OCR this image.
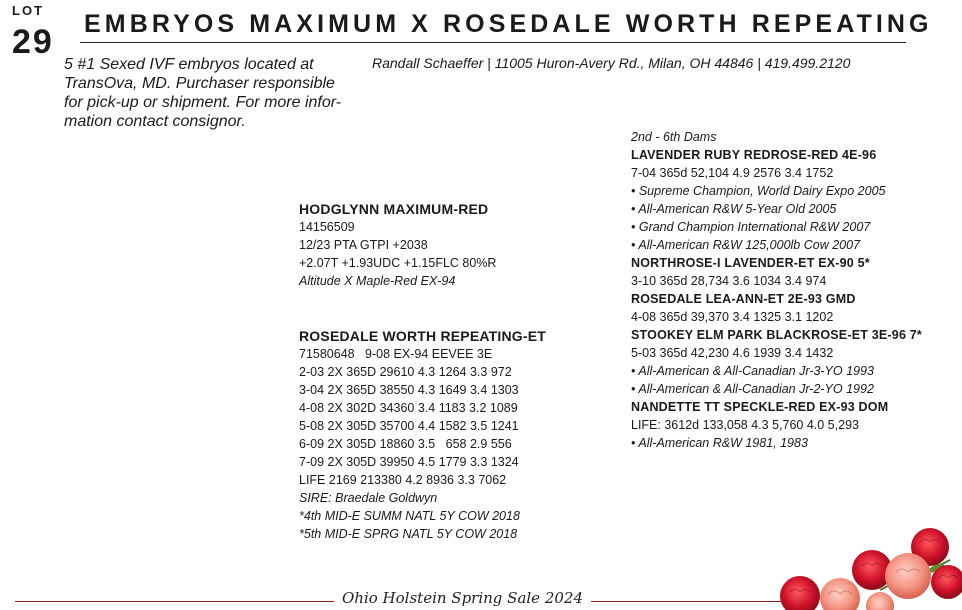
LOT
29 EMBRYOS MAXIMUM X ROSEDALE WORTH REPEATING
5 #1 Sexed IVF embryos located at
TransOva, MD. Purchaser responsible
for pick-up or shipment. For more infor-
mation contact consignor.
Randall Schaeffer | 11005 Huron-Avery Rd., Milan, OH 44846 | 419.499.2120
HODGLYNN MAXIMUM-RED
14156509
12/23 PTA GTPI +2038
+2.07T +1.93UDC +1.15FLC 80%R
Altitude X Maple-Red EX-94
ROSEDALE WORTH REPEATING-ET
71580648   9-08 EX-94 EEVEE 3E
2-03 2X 365D 29610 4.3 1264 3.3 972
3-04 2X 365D 38550 4.3 1649 3.4 1303
4-08 2X 302D 34360 3.4 1183 3.2 1089
5-08 2X 305D 35700 4.4 1582 3.5 1241
6-09 2X 305D 18860 3.5   658 2.9 556
7-09 2X 305D 39950 4.5 1779 3.3 1324
LIFE 2169 213380 4.2 8936 3.3 7062
SIRE: Braedale Goldwyn
*4th MID-E SUMM NATL 5Y COW 2018
*5th MID-E SPRG NATL 5Y COW 2018
2nd - 6th Dams
LAVENDER RUBY REDROSE-RED 4E-96
7-04 365d 52,104 4.9 2576 3.4 1752
• Supreme Champion, World Dairy Expo 2005
• All-American R&W 5-Year Old 2005
• Grand Champion International R&W 2007
• All-American R&W 125,000lb Cow 2007
NORTHROSE-I LAVENDER-ET EX-90 5*
3-10 365d 28,734 3.6 1034 3.4 974
ROSEDALE LEA-ANN-ET 2E-93 GMD
4-08 365d 39,370 3.4 1325 3.1 1202
STOOKEY ELM PARK BLACKROSE-ET 3E-96 7*
5-03 365d 42,230 4.6 1939 3.4 1432
• All-American & All-Canadian Jr-3-YO 1993
• All-American & All-Canadian Jr-2-YO 1992
NANDETTE TT SPECKLE-RED EX-93 DOM
LIFE: 3612d 133,058 4.3 5,760 4.0 5,293
• All-American R&W 1981, 1983
Ohio Holstein Spring Sale 2024
